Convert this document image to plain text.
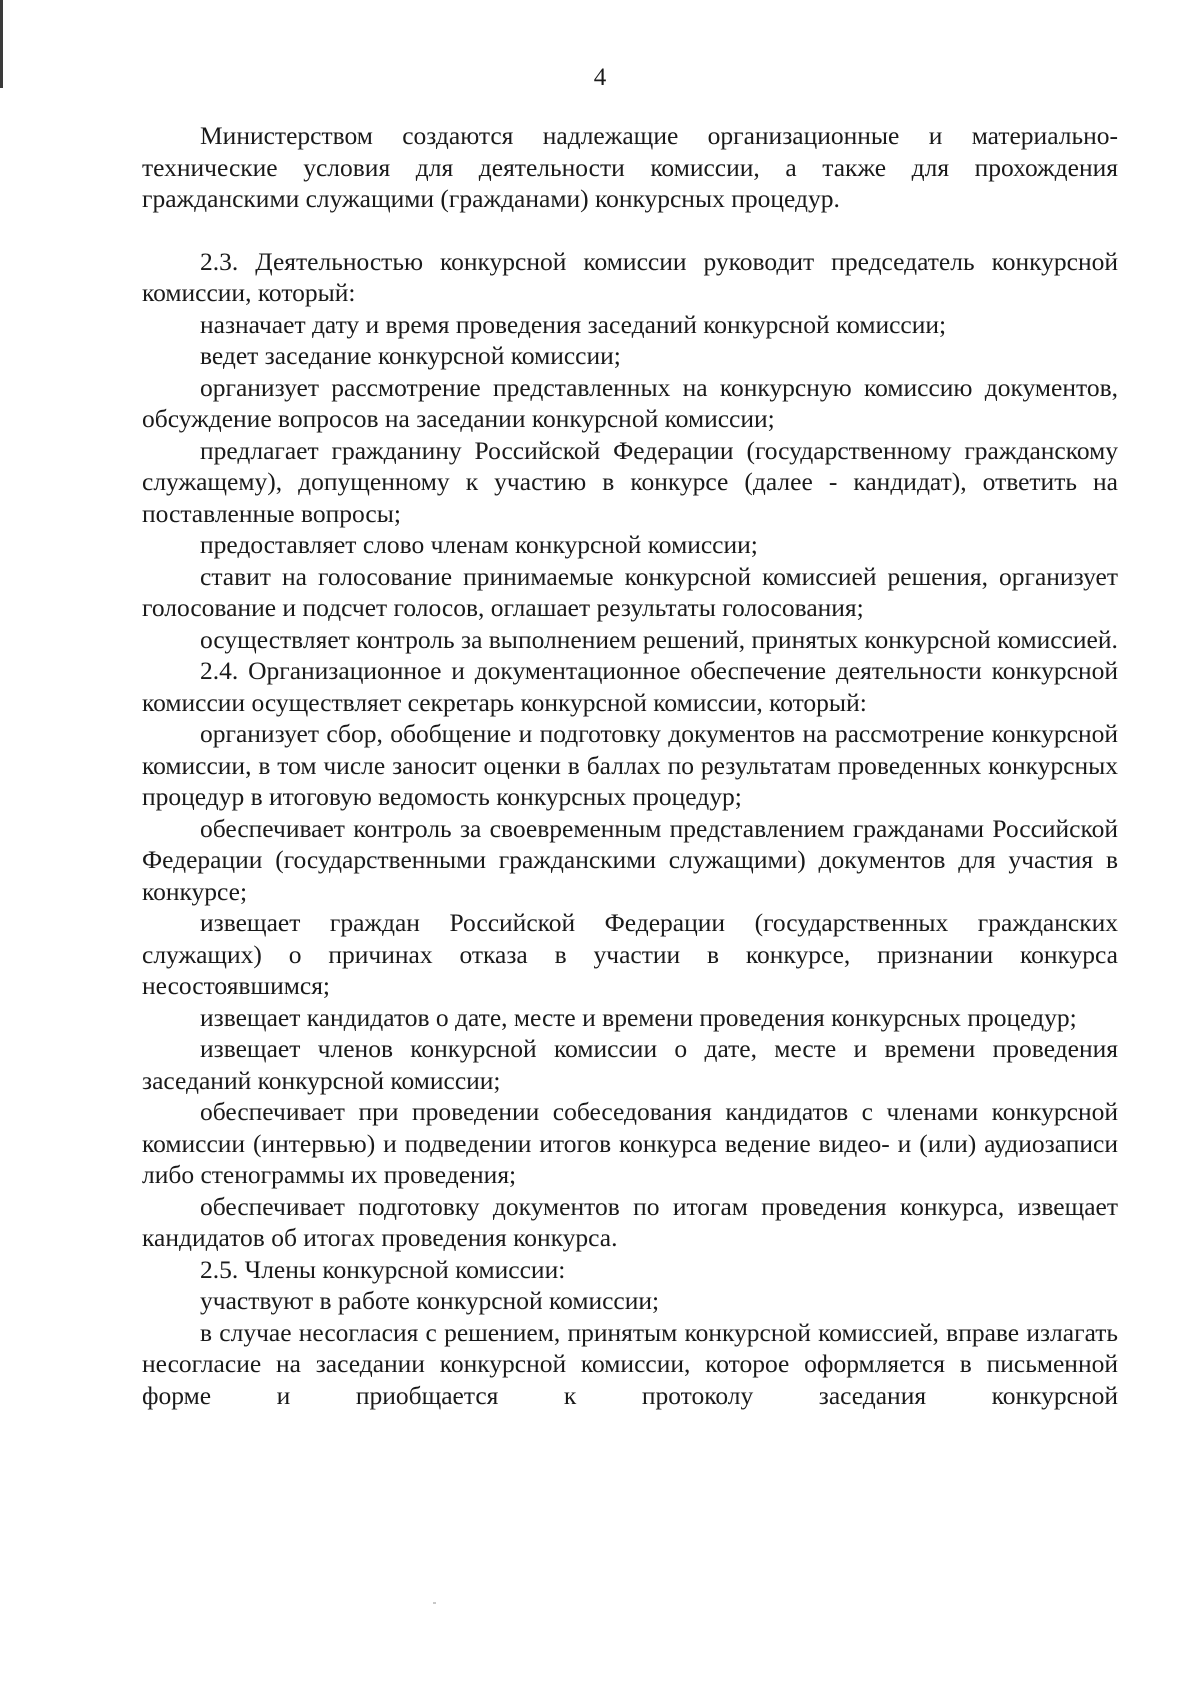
4

Министерством создаются надлежащие организационные и материально-технические условия для деятельности комиссии, а также для прохождения гражданскими служащими (гражданами) конкурсных процедур.

2.3. Деятельностью конкурсной комиссии руководит председатель конкурсной комиссии, который:

назначает дату и время проведения заседаний конкурсной комиссии;

ведет заседание конкурсной комиссии;

организует рассмотрение представленных на конкурсную комиссию документов, обсуждение вопросов на заседании конкурсной комиссии;

предлагает гражданину Российской Федерации (государственному гражданскому служащему), допущенному к участию в конкурсе (далее - кандидат), ответить на поставленные вопросы;

предоставляет слово членам конкурсной комиссии;

ставит на голосование принимаемые конкурсной комиссией решения, организует голосование и подсчет голосов, оглашает результаты голосования;

осуществляет контроль за выполнением решений, принятых конкурсной комиссией.

2.4. Организационное и документационное обеспечение деятельности конкурсной комиссии осуществляет секретарь конкурсной комиссии, который:

организует сбор, обобщение и подготовку документов на рассмотрение конкурсной комиссии, в том числе заносит оценки в баллах по результатам проведенных конкурсных процедур в итоговую ведомость конкурсных процедур;

обеспечивает контроль за своевременным представлением гражданами Российской Федерации (государственными гражданскими служащими) документов для участия в конкурсе;

извещает граждан Российской Федерации (государственных гражданских служащих) о причинах отказа в участии в конкурсе, признании конкурса несостоявшимся;

извещает кандидатов о дате, месте и времени проведения конкурсных процедур;

извещает членов конкурсной комиссии о дате, месте и времени проведения заседаний конкурсной комиссии;

обеспечивает при проведении собеседования кандидатов с членами конкурсной комиссии (интервью) и подведении итогов конкурса ведение видео- и (или) аудиозаписи либо стенограммы их проведения;

обеспечивает подготовку документов по итогам проведения конкурса, извещает кандидатов об итогах проведения конкурса.

2.5. Члены конкурсной комиссии:

участвуют в работе конкурсной комиссии;

в случае несогласия с решением, принятым конкурсной комиссией, вправе излагать несогласие на заседании конкурсной комиссии, которое оформляется в письменной форме и приобщается к протоколу заседания конкурсной
